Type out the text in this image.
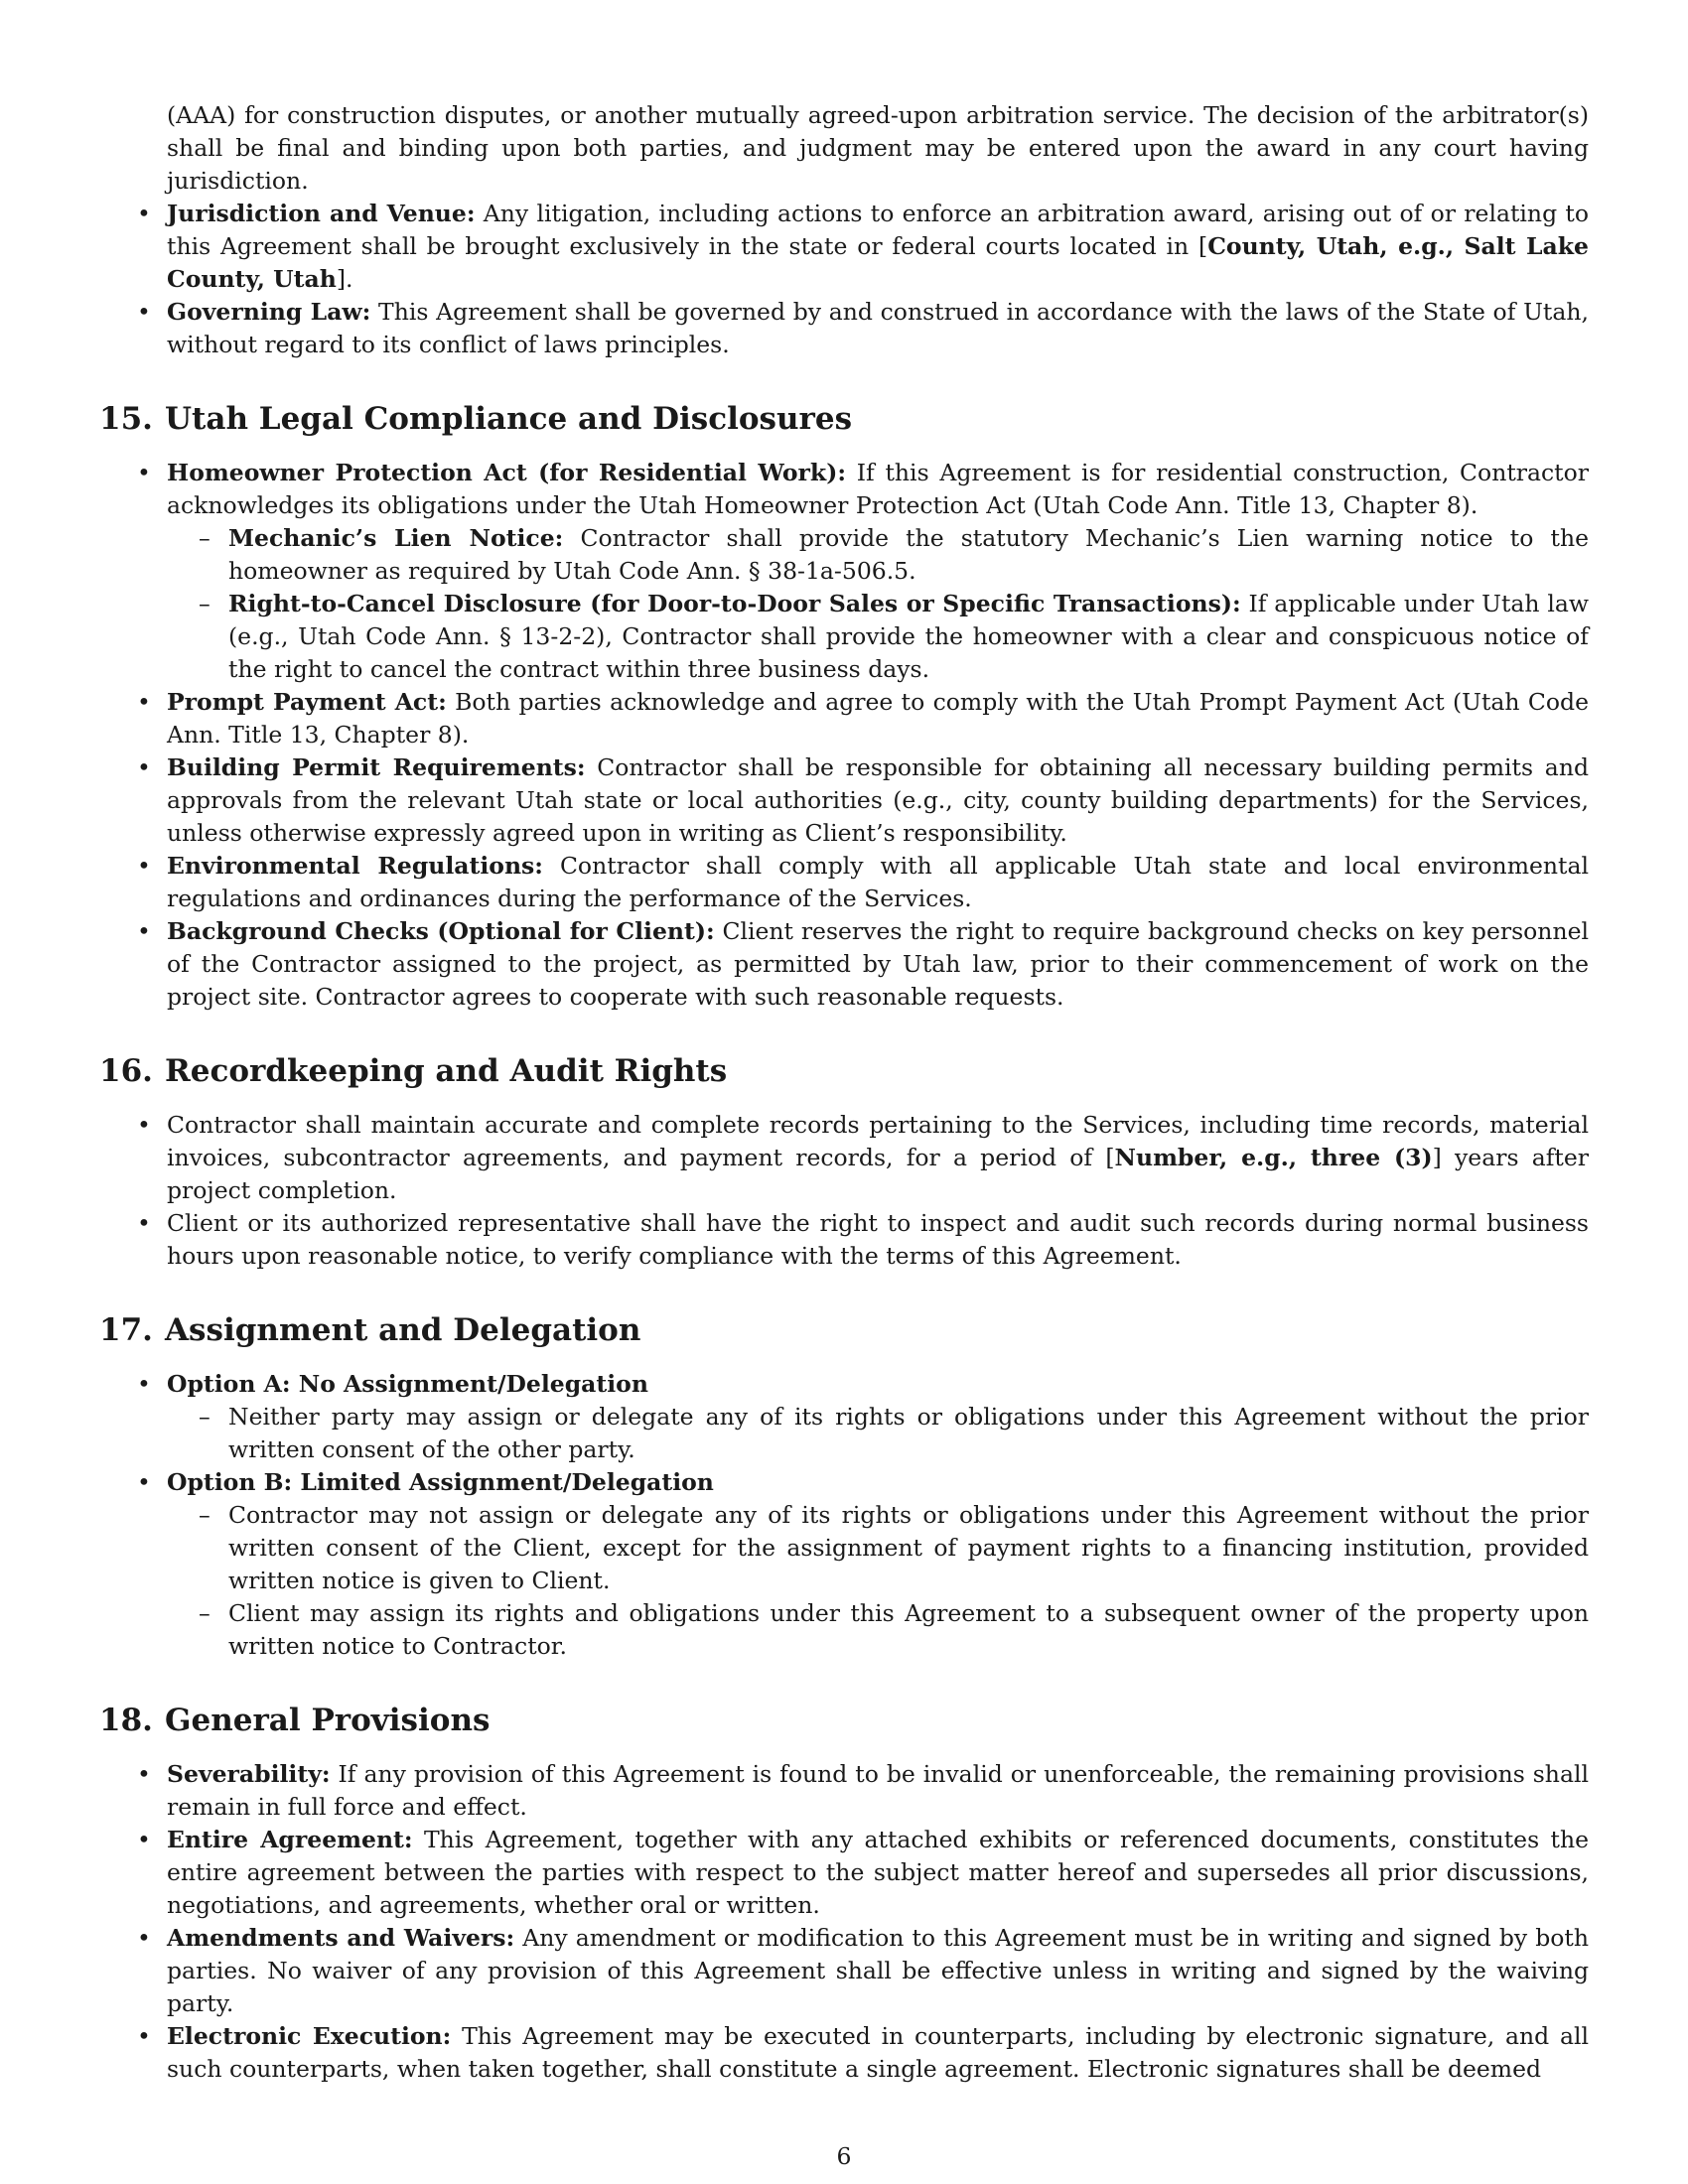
(AAA) for construction disputes, or another mutually agreed-upon arbitration service. The decision of the arbitrator(s) shall be final and binding upon both parties, and judgment may be entered upon the award in any court having jurisdiction.

• Jurisdiction and Venue: Any litigation, including actions to enforce an arbitration award, arising out of or relating to this Agreement shall be brought exclusively in the state or federal courts located in [County, Utah, e.g., Salt Lake County, Utah].
• Governing Law: This Agreement shall be governed by and construed in accordance with the laws of the State of Utah, without regard to its conflict of laws principles.
15. Utah Legal Compliance and Disclosures
• Homeowner Protection Act (for Residential Work): If this Agreement is for residential construction, Contractor acknowledges its obligations under the Utah Homeowner Protection Act (Utah Code Ann. Title 13, Chapter 8).
– Mechanic’s Lien Notice: Contractor shall provide the statutory Mechanic’s Lien warning notice to the homeowner as required by Utah Code Ann. § 38-1a-506.5.
– Right-to-Cancel Disclosure (for Door-to-Door Sales or Specific Transactions): If applicable under Utah law (e.g., Utah Code Ann. § 13-2-2), Contractor shall provide the homeowner with a clear and conspicuous notice of the right to cancel the contract within three business days.
• Prompt Payment Act: Both parties acknowledge and agree to comply with the Utah Prompt Payment Act (Utah Code Ann. Title 13, Chapter 8).
• Building Permit Requirements: Contractor shall be responsible for obtaining all necessary building permits and approvals from the relevant Utah state or local authorities (e.g., city, county building departments) for the Services, unless otherwise expressly agreed upon in writing as Client’s responsibility.
• Environmental Regulations: Contractor shall comply with all applicable Utah state and local environmental regulations and ordinances during the performance of the Services.
• Background Checks (Optional for Client): Client reserves the right to require background checks on key personnel of the Contractor assigned to the project, as permitted by Utah law, prior to their commencement of work on the project site. Contractor agrees to cooperate with such reasonable requests.
16. Recordkeeping and Audit Rights
• Contractor shall maintain accurate and complete records pertaining to the Services, including time records, material invoices, subcontractor agreements, and payment records, for a period of [Number, e.g., three (3)] years after project completion.
• Client or its authorized representative shall have the right to inspect and audit such records during normal business hours upon reasonable notice, to verify compliance with the terms of this Agreement.
17. Assignment and Delegation
• Option A: No Assignment/Delegation
– Neither party may assign or delegate any of its rights or obligations under this Agreement without the prior written consent of the other party.
• Option B: Limited Assignment/Delegation
– Contractor may not assign or delegate any of its rights or obligations under this Agreement without the prior written consent of the Client, except for the assignment of payment rights to a financing institution, provided written notice is given to Client.
– Client may assign its rights and obligations under this Agreement to a subsequent owner of the property upon written notice to Contractor.
18. General Provisions
• Severability: If any provision of this Agreement is found to be invalid or unenforceable, the remaining provisions shall remain in full force and effect.
• Entire Agreement: This Agreement, together with any attached exhibits or referenced documents, constitutes the entire agreement between the parties with respect to the subject matter hereof and supersedes all prior discussions, negotiations, and agreements, whether oral or written.
• Amendments and Waivers: Any amendment or modification to this Agreement must be in writing and signed by both parties. No waiver of any provision of this Agreement shall be effective unless in writing and signed by the waiving party.
• Electronic Execution: This Agreement may be executed in counterparts, including by electronic signature, and all such counterparts, when taken together, shall constitute a single agreement. Electronic signatures shall be deemed
6
